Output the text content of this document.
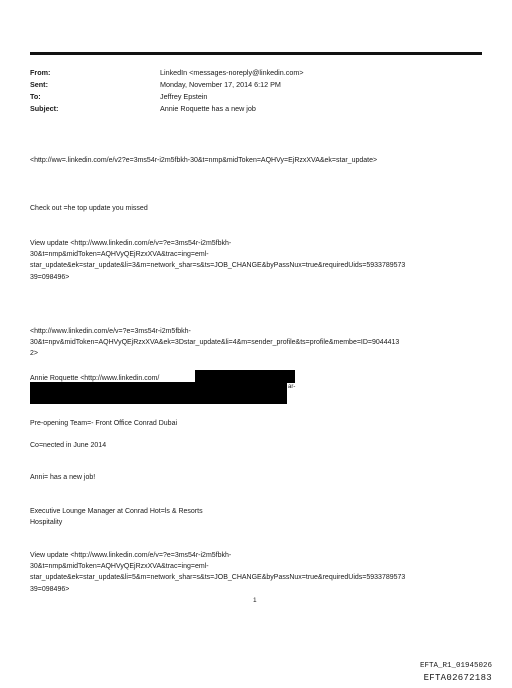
From:	LinkedIn <messages-noreply@linkedin.com>
Sent:	Monday, November 17, 2014 6:12 PM
To:	Jeffrey Epstein
Subject:	Annie Roquette has a new job
<http://ww=.linkedin.com/e/v2?e=3ms54r-i2m5fbkh-30&t=nmp&midToken=AQHVy=EjRzxXVA&ek=star_update>
Check out =he top update you missed
View update <http://www.linkedin.com/e/v=?e=3ms54r-i2m5fbkh-
30&t=nmp&midToken=AQHVyQEjRzxXVA&trac=ing=eml-
star_update&ek=star_update&li=3&m=network_shar=s&ts=JOB_CHANGE&byPassNux=true&requiredUids=5933789573
39=098496>
<http://www.linkedin.com/e/v=?e=3ms54r-i2m5fbkh-
30&t=npv&midToken=AQHVyQEjRzxXVA&ek=3Dstar_update&li=4&m=sender_profile&ts=profile&membe=ID=9044413
2>
Annie Roquette <http://www.linkedin.com/
ar-
Pre-opening Team=- Front Office Conrad Dubai
Co=nected in June 2014
Anni= has a new job!
Executive Lounge Manager at Conrad Hot=ls & Resorts
Hospitality
View update <http://www.linkedin.com/e/v=?e=3ms54r-i2m5fbkh-
30&t=nmp&midToken=AQHVyQEjRzxXVA&trac=ing=eml-
star_update&ek=star_update&li=5&m=network_shar=s&ts=JOB_CHANGE&byPassNux=true&requiredUids=5933789573
39=098496>
1
EFTA_R1_01945026
EFTA02672183
